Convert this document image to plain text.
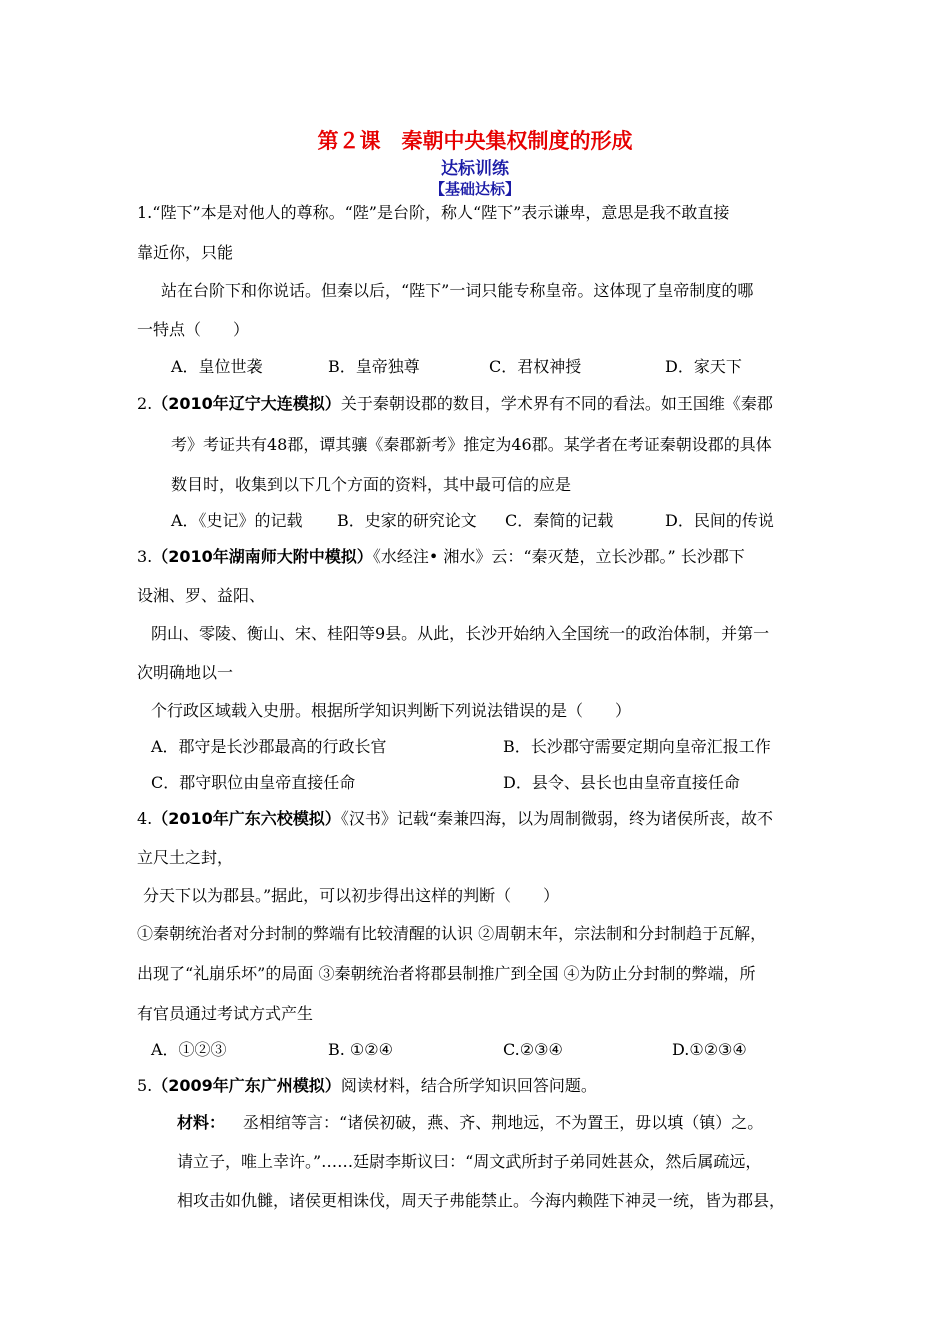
第２课　秦朝中央集权制度的形成
达标训练
【基础达标】
1.“陛下”本是对他人的尊称。“陛”是台阶，称人“陛下”表示谦卑，意思是我不敢直接
靠近你，只能
站在台阶下和你说话。但秦以后，“陛下”一词只能专称皇帝。这体现了皇帝制度的哪
一特点（　　）
A．皇位世袭	B．皇帝独尊	C．君权神授	D．家天下
2.（2010年辽宁大连模拟）关于秦朝设郡的数目，学术界有不同的看法。如王国维《秦郡
考》考证共有48郡，谭其骧《秦郡新考》推定为46郡。某学者在考证秦朝设郡的具体
数目时，收集到以下几个方面的资料，其中最可信的应是
A．《史记》的记载 B．史家的研究论文 C．秦简的记载	D．民间的传说
3.（2010年湖南师大附中模拟）《水经注• 湘水》云：“秦灭楚，立长沙郡。” 长沙郡下
设湘、罗、益阳、
阴山、零陵、衡山、宋、桂阳等9县。从此，长沙开始纳入全国统一的政治体制，并第一
次明确地以一
个行政区域载入史册。根据所学知识判断下列说法错误的是（　　）
A．郡守是长沙郡最高的行政长官	B．长沙郡守需要定期向皇帝汇报工作
C．郡守职位由皇帝直接任命	D．县令、县长也由皇帝直接任命
4.（2010年广东六校模拟）《汉书》记载“秦兼四海，以为周制微弱，终为诸侯所丧，故不
立尺土之封，
分天下以为郡县。”据此，可以初步得出这样的判断（　　）
①秦朝统治者对分封制的弊端有比较清醒的认识 ②周朝末年，宗法制和分封制趋于瓦解，
出现了“礼崩乐坏”的局面 ③秦朝统治者将郡县制推广到全国 ④为防止分封制的弊端，所
有官员通过考试方式产生
A．①②③	B. ①②④	C.②③④	D.①②③④
5.（2009年广东广州模拟）阅读材料，结合所学知识回答问题。
材料： 丞相绾等言：“诸侯初破，燕、齐、荆地远，不为置王，毋以填（镇）之。
请立子，唯上幸许。”……廷尉李斯议曰：“周文武所封子弟同姓甚众，然后属疏远，
相攻击如仇雠，诸侯更相诛伐，周天子弗能禁止。今海内赖陛下神灵一统，皆为郡县，
